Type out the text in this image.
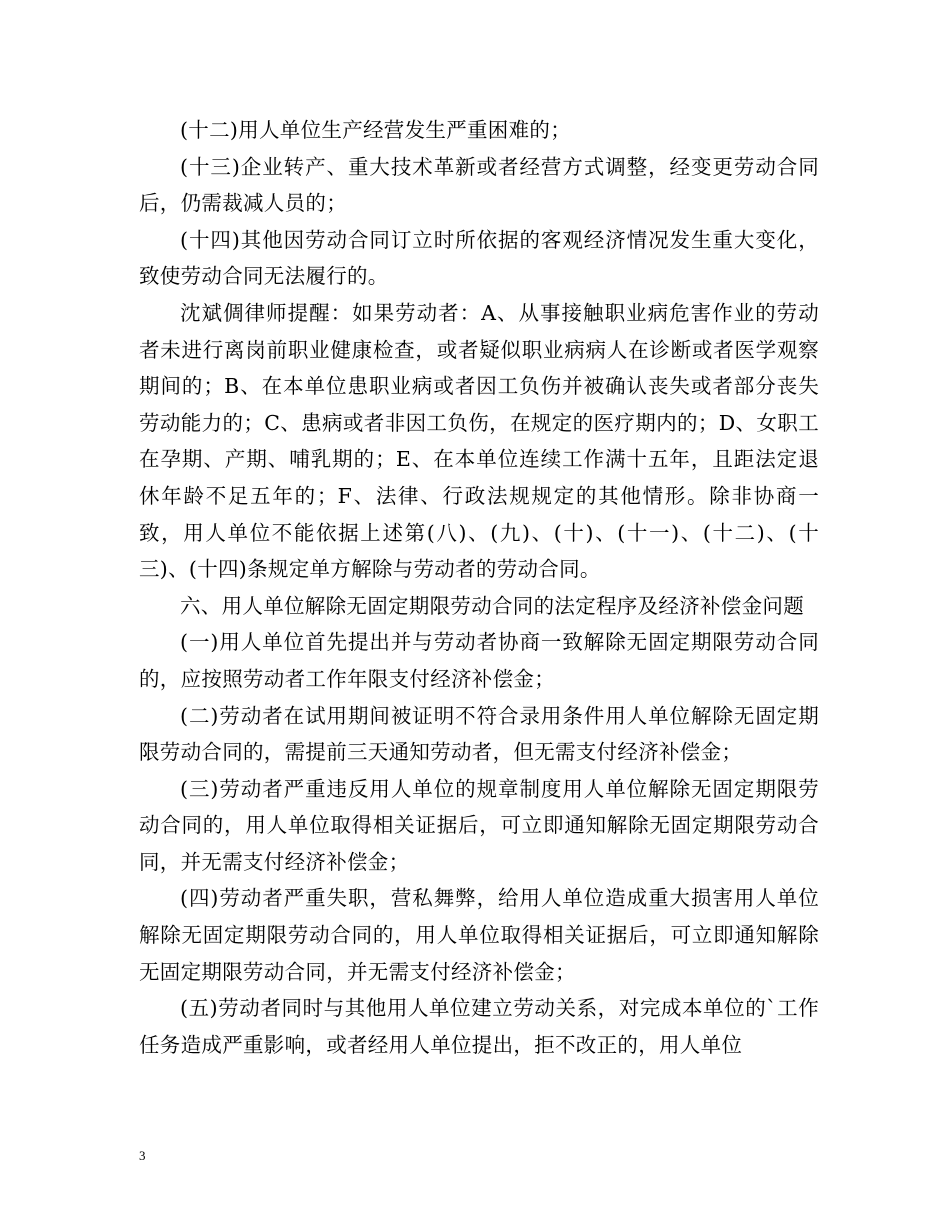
(十二)用人单位生产经营发生严重困难的；

(十三)企业转产、重大技术革新或者经营方式调整，经变更劳动合同后，仍需裁减人员的；

(十四)其他因劳动合同订立时所依据的客观经济情况发生重大变化，致使劳动合同无法履行的。

沈斌倜律师提醒：如果劳动者：A、从事接触职业病危害作业的劳动者未进行离岗前职业健康检查，或者疑似职业病病人在诊断或者医学观察期间的；B、在本单位患职业病或者因工负伤并被确认丧失或者部分丧失劳动能力的；C、患病或者非因工负伤，在规定的医疗期内的；D、女职工在孕期、产期、哺乳期的；E、在本单位连续工作满十五年，且距法定退休年龄不足五年的；F、法律、行政法规规定的其他情形。除非协商一致，用人单位不能依据上述第(八)、(九)、(十)、(十一)、(十二)、(十三)、(十四)条规定单方解除与劳动者的劳动合同。

六、用人单位解除无固定期限劳动合同的法定程序及经济补偿金问题

(一)用人单位首先提出并与劳动者协商一致解除无固定期限劳动合同的，应按照劳动者工作年限支付经济补偿金；

(二)劳动者在试用期间被证明不符合录用条件用人单位解除无固定期限劳动合同的，需提前三天通知劳动者，但无需支付经济补偿金；

(三)劳动者严重违反用人单位的规章制度用人单位解除无固定期限劳动合同的，用人单位取得相关证据后，可立即通知解除无固定期限劳动合同，并无需支付经济补偿金；

(四)劳动者严重失职，营私舞弊，给用人单位造成重大损害用人单位解除无固定期限劳动合同的，用人单位取得相关证据后，可立即通知解除无固定期限劳动合同，并无需支付经济补偿金；

(五)劳动者同时与其他用人单位建立劳动关系，对完成本单位的`工作任务造成严重影响，或者经用人单位提出，拒不改正的，用人单位

3
